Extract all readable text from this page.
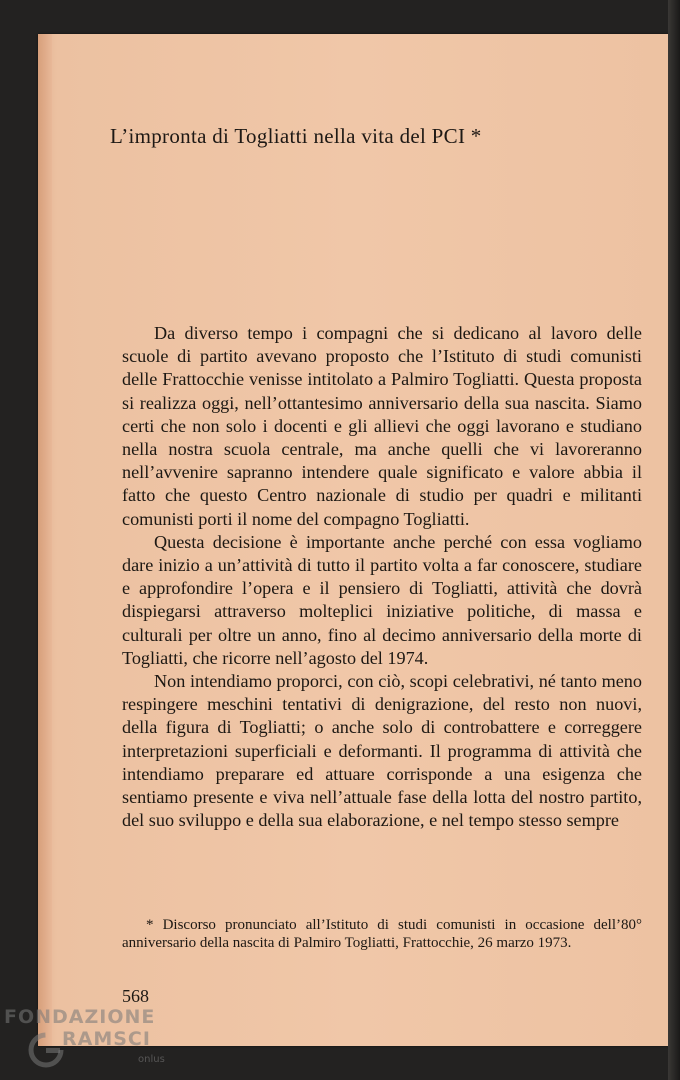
L’impronta di Togliatti nella vita del PCI *

Da diverso tempo i compagni che si dedicano al lavoro delle scuole di partito avevano proposto che l’Istituto di studi comunisti delle Frattocchie venisse intitolato a Palmiro Togliatti. Questa proposta si realizza oggi, nell’ottantesimo anniversario della sua nascita. Siamo certi che non solo i docenti e gli allievi che oggi lavorano e studiano nella nostra scuola centrale, ma anche quelli che vi lavoreranno nell’avvenire sapranno intendere quale significato e valore abbia il fatto che questo Centro nazionale di studio per quadri e militanti comunisti porti il nome del compagno Togliatti.

Questa decisione è importante anche perché con essa vogliamo dare inizio a un’attività di tutto il partito volta a far conoscere, studiare e approfondire l’opera e il pensiero di Togliatti, attività che dovrà dispiegarsi attraverso molteplici iniziative politiche, di massa e culturali per oltre un anno, fino al decimo anniversario della morte di Togliatti, che ricorre nell’agosto del 1974.

Non intendiamo proporci, con ciò, scopi celebrativi, né tanto meno respingere meschini tentativi di denigrazione, del resto non nuovi, della figura di Togliatti; o anche solo di controbattere e correggere interpretazioni superficiali e deformanti. Il programma di attività che intendiamo preparare ed attuare corrisponde a una esigenza che sentiamo presente e viva nell’attuale fase della lotta del nostro partito, del suo sviluppo e della sua elaborazione, e nel tempo stesso sempre

* Discorso pronunciato all’Istituto di studi comunisti in occasione dell’80° anniversario della nascita di Palmiro Togliatti, Frattocchie, 26 marzo 1973.
568
FONDAZIONE
RAMSCI
onlus
